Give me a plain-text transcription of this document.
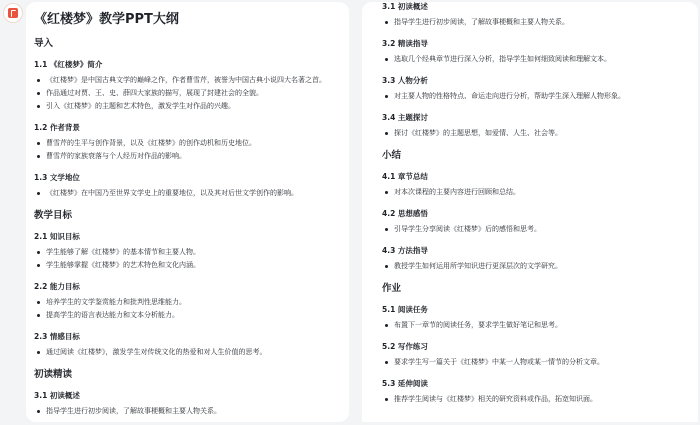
《红楼梦》教学PPT大纲
导入
1.1 《红楼梦》简介
《红楼梦》是中国古典文学的巅峰之作，作者曹雪芹，被誉为中国古典小说四大名著之首。
作品通过对贾、王、史、薛四大家族的描写，展现了封建社会的全貌。
引入《红楼梦》的主题和艺术特色，激发学生对作品的兴趣。
1.2 作者背景
曹雪芹的生平与创作背景，以及《红楼梦》的创作动机和历史地位。
曹雪芹的家族衰落与个人经历对作品的影响。
1.3 文学地位
《红楼梦》在中国乃至世界文学史上的重要地位，以及其对后世文学创作的影响。
教学目标
2.1 知识目标
学生能够了解《红楼梦》的基本情节和主要人物。
学生能够掌握《红楼梦》的艺术特色和文化内涵。
2.2 能力目标
培养学生的文学鉴赏能力和批判性思维能力。
提高学生的语言表达能力和文本分析能力。
2.3 情感目标
通过阅读《红楼梦》，激发学生对传统文化的热爱和对人生价值的思考。
初读精读
3.1 初读概述
指导学生进行初步阅读，了解故事梗概和主要人物关系。
3.1 初读概述
指导学生进行初步阅读，了解故事梗概和主要人物关系。
3.2 精读指导
选取几个经典章节进行深入分析，指导学生如何细致阅读和理解文本。
3.3 人物分析
对主要人物的性格特点、命运走向进行分析，帮助学生深入理解人物形象。
3.4 主题探讨
探讨《红楼梦》的主题思想，如爱情、人生、社会等。
小结
4.1 章节总结
对本次课程的主要内容进行回顾和总结。
4.2 思想感悟
引导学生分享阅读《红楼梦》后的感悟和思考。
4.3 方法指导
教授学生如何运用所学知识进行更深层次的文学研究。
作业
5.1 阅读任务
布置下一章节的阅读任务，要求学生做好笔记和思考。
5.2 写作练习
要求学生写一篇关于《红楼梦》中某一人物或某一情节的分析文章。
5.3 延伸阅读
推荐学生阅读与《红楼梦》相关的研究资料或作品，拓宽知识面。
